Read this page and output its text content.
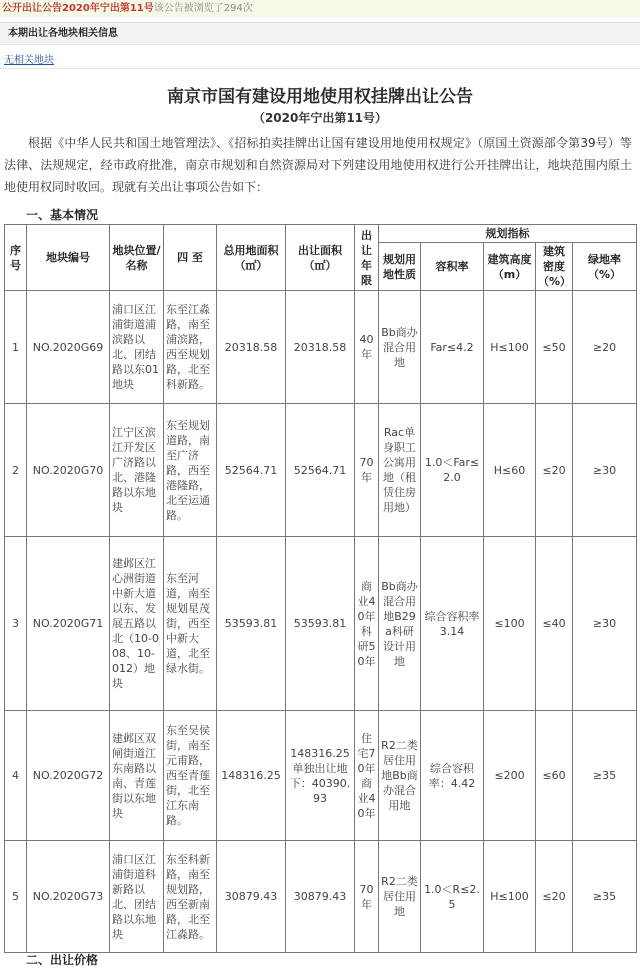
公开出让公告2020年宁出第11号该公告被浏览了294次
本期出让各地块相关信息
无相关地块
南京市国有建设用地使用权挂牌出让公告
（2020年宁出第11号）
根据《中华人民共和国土地管理法》、《招标拍卖挂牌出让国有建设用地使用权规定》（原国土资源部令第39号）等法律、法规规定，经市政府批准，南京市规划和自然资源局对下列建设用地使用权进行公开挂牌出让，地块范围内原土地使用权同时收回。现就有关出让事项公告如下：
一、基本情况
序号	地块编号	地块位置/名称	四 至	总用地面积（㎡）	出让面积（㎡）	出让年限	规划指标				
							规划用地性质	容积率	建筑高度（m）	建筑密度（%）	绿地率（%）
1	NO.2020G69	浦口区江浦街道浦滨路以北、团结路以东01地块	东至江淼路，南至浦滨路，西至规划路，北至科新路。	20318.58	20318.58	40年	Bb商办混合用地	Far≤4.2	H≤100	≤50	≥20
2	NO.2020G70	江宁区滨江开发区广济路以北、港隆路以东地块	东至规划道路，南至广济路，西至港隆路，北至运通路。	52564.71	52564.71	70年	Rac单身职工公寓用地（租赁住房用地）	1.0＜Far≤2.0	H≤60	≤20	≥30
3	NO.2020G71	建邺区江心洲街道中新大道以东、发展五路以北（10-008、10-012）地块	东至河道，南至规划星茂街，西至中新大道，北至绿水街。	53593.81	53593.81	商业40年科研50年	Bb商办混合用地B29a科研设计用地	综合容积率3.14	≤100	≤40	≥30
4	NO.2020G72	建邺区双闸街道江东南路以南、青莲街以东地块	东至吴侯街，南至元甫路，西至青莲街，北至江东南路。	148316.25	148316.25单独出让地下：40390.93	住宅70年商业40年	R2二类居住用地Bb商办混合用地	综合容积率：4.42	≤200	≤60	≥35
5	NO.2020G73	浦口区江浦街道科新路以北、团结路以东地块	东至科新路，南至规划路，西至新南路，北至江淼路。	30879.43	30879.43	70年	R2二类居住用地	1.0＜R≤2.5	H≤100	≤20	≥35
二、出让价格
